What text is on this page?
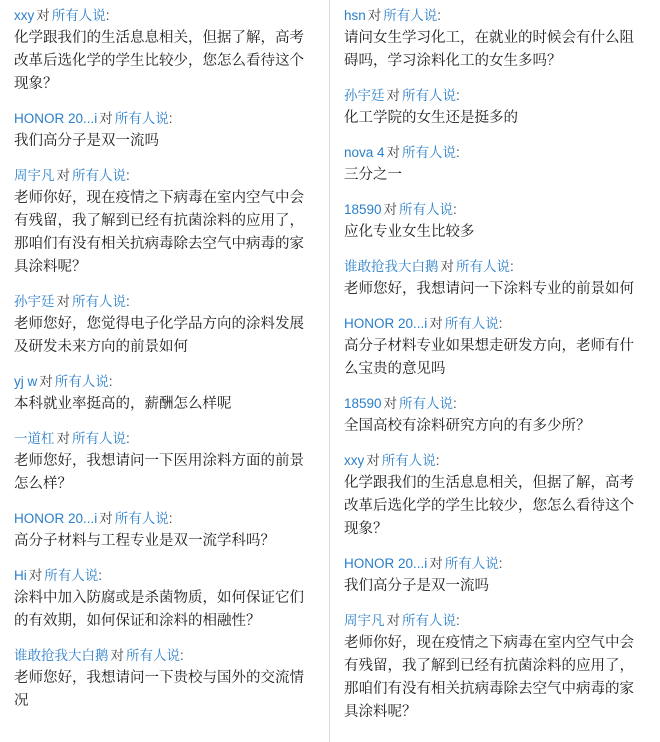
xxy 对 所有人说:
化学跟我们的生活息息相关，但据了解，高考改革后选化学的学生比较少，您怎么看待这个现象？
HONOR 20...i 对 所有人说:
我们高分子是双一流吗
周宇凡 对 所有人说:
老师你好，现在疫情之下病毒在室内空气中会有残留，我了解到已经有抗菌涂料的应用了，那咱们有没有相关抗病毒除去空气中病毒的家具涂料呢？
孙宇廷 对 所有人说:
老师您好，您觉得电子化学品方向的涂料发展及研发未来方向的前景如何
yj w 对 所有人说:
本科就业率挺高的，薪酬怎么样呢
一道杠 对 所有人说:
老师您好，我想请问一下医用涂料方面的前景怎么样？
HONOR 20...i 对 所有人说:
高分子材料与工程专业是双一流学科吗？
Hi 对 所有人说:
涂料中加入防腐或是杀菌物质，如何保证它们的有效期，如何保证和涂料的相融性？
谁敢抢我大白鹅 对 所有人说:
老师您好，我想请问一下贵校与国外的交流情况
hsn 对 所有人说:
请问女生学习化工，在就业的时候会有什么阻碍吗，学习涂料化工的女生多吗？
孙宇廷 对 所有人说:
化工学院的女生还是挺多的
nova 4 对 所有人说:
三分之一
18590 对 所有人说:
应化专业女生比较多
谁敢抢我大白鹅 对 所有人说:
老师您好，我想请问一下涂料专业的前景如何
HONOR 20...i 对 所有人说:
高分子材料专业如果想走研发方向，老师有什么宝贵的意见吗
18590 对 所有人说:
全国高校有涂料研究方向的有多少所？
xxy 对 所有人说:
化学跟我们的生活息息相关，但据了解，高考改革后选化学的学生比较少，您怎么看待这个现象？
HONOR 20...i 对 所有人说:
我们高分子是双一流吗
周宇凡 对 所有人说:
老师你好，现在疫情之下病毒在室内空气中会有残留，我了解到已经有抗菌涂料的应用了，那咱们有没有相关抗病毒除去空气中病毒的家具涂料呢？
